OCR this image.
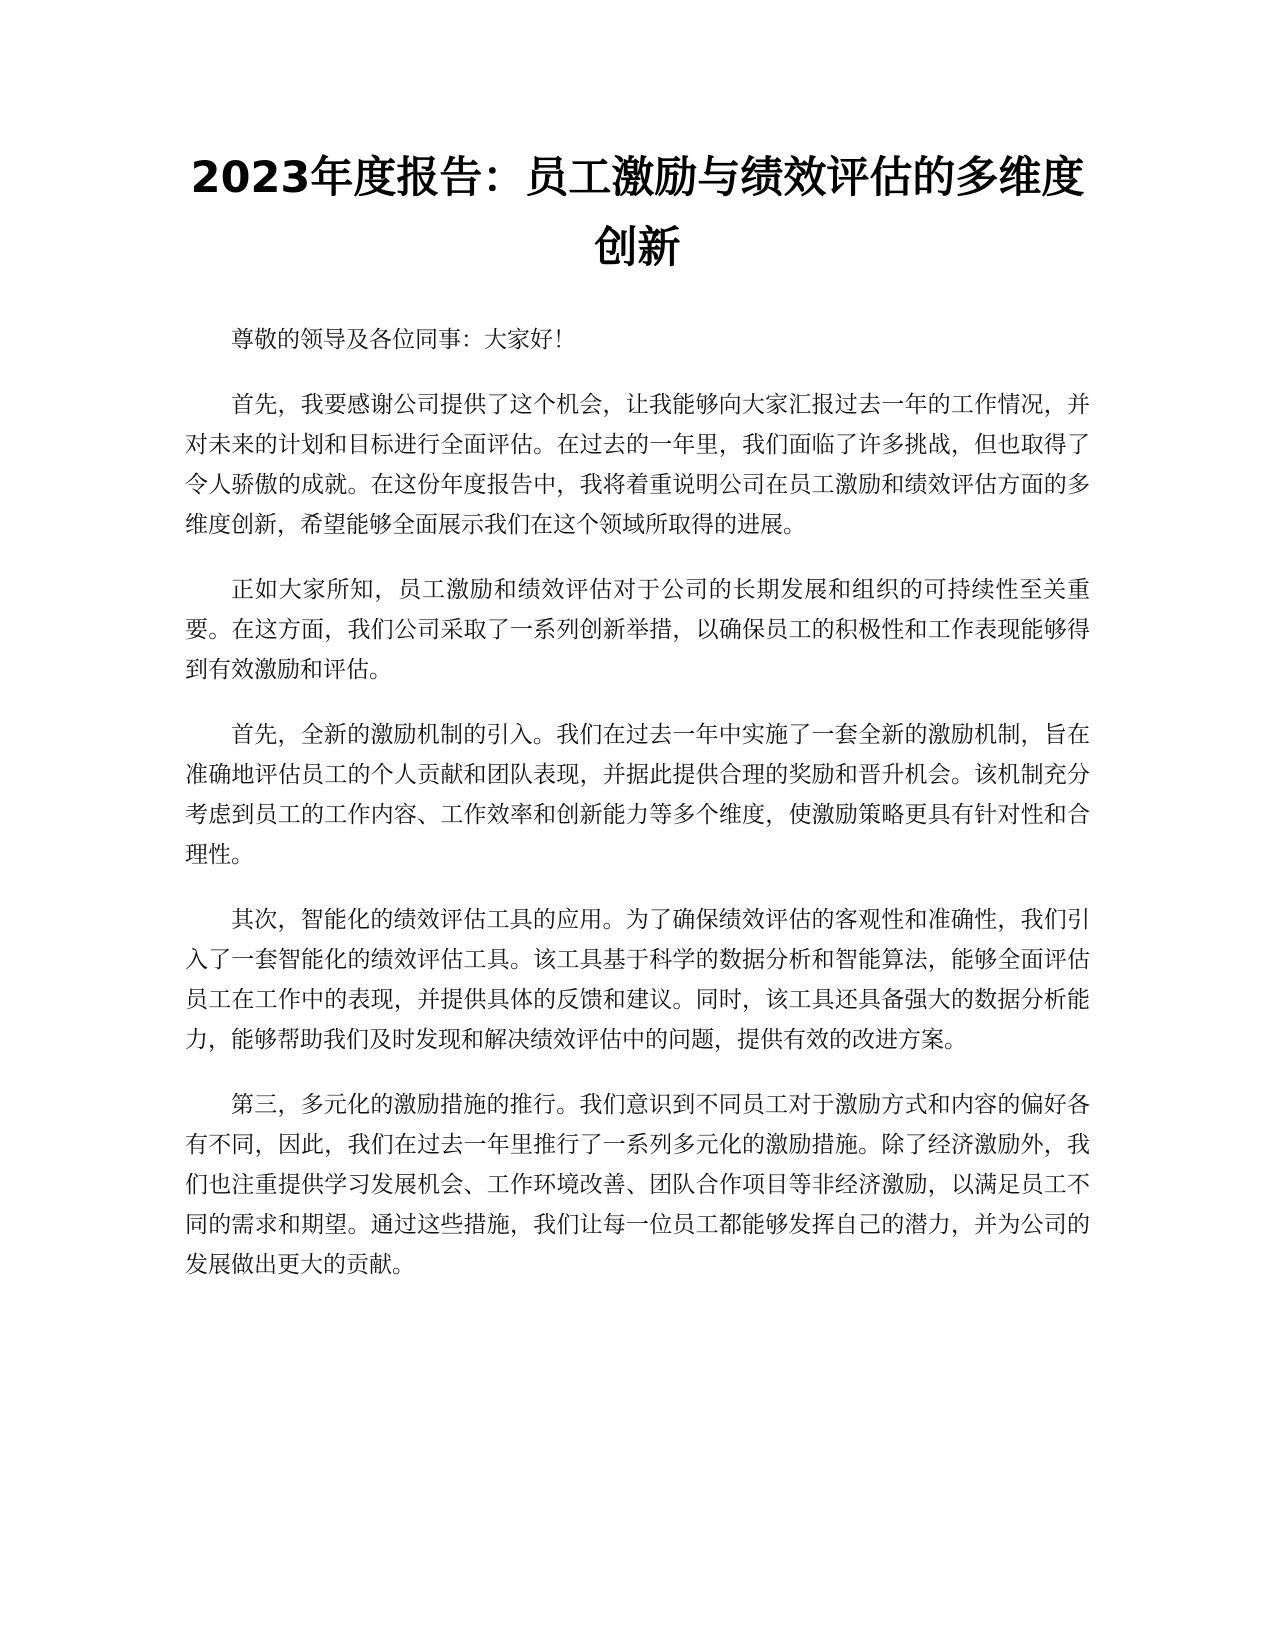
2023年度报告：员工激励与绩效评估的多维度创新

尊敬的领导及各位同事：大家好！

首先，我要感谢公司提供了这个机会，让我能够向大家汇报过去一年的工作情况，并对未来的计划和目标进行全面评估。在过去的一年里，我们面临了许多挑战，但也取得了令人骄傲的成就。在这份年度报告中，我将着重说明公司在员工激励和绩效评估方面的多维度创新，希望能够全面展示我们在这个领域所取得的进展。

正如大家所知，员工激励和绩效评估对于公司的长期发展和组织的可持续性至关重要。在这方面，我们公司采取了一系列创新举措，以确保员工的积极性和工作表现能够得到有效激励和评估。

首先，全新的激励机制的引入。我们在过去一年中实施了一套全新的激励机制，旨在准确地评估员工的个人贡献和团队表现，并据此提供合理的奖励和晋升机会。该机制充分考虑到员工的工作内容、工作效率和创新能力等多个维度，使激励策略更具有针对性和合理性。

其次，智能化的绩效评估工具的应用。为了确保绩效评估的客观性和准确性，我们引入了一套智能化的绩效评估工具。该工具基于科学的数据分析和智能算法，能够全面评估员工在工作中的表现，并提供具体的反馈和建议。同时，该工具还具备强大的数据分析能力，能够帮助我们及时发现和解决绩效评估中的问题，提供有效的改进方案。

第三，多元化的激励措施的推行。我们意识到不同员工对于激励方式和内容的偏好各有不同，因此，我们在过去一年里推行了一系列多元化的激励措施。除了经济激励外，我们也注重提供学习发展机会、工作环境改善、团队合作项目等非经济激励，以满足员工不同的需求和期望。通过这些措施，我们让每一位员工都能够发挥自己的潜力，并为公司的发展做出更大的贡献。
